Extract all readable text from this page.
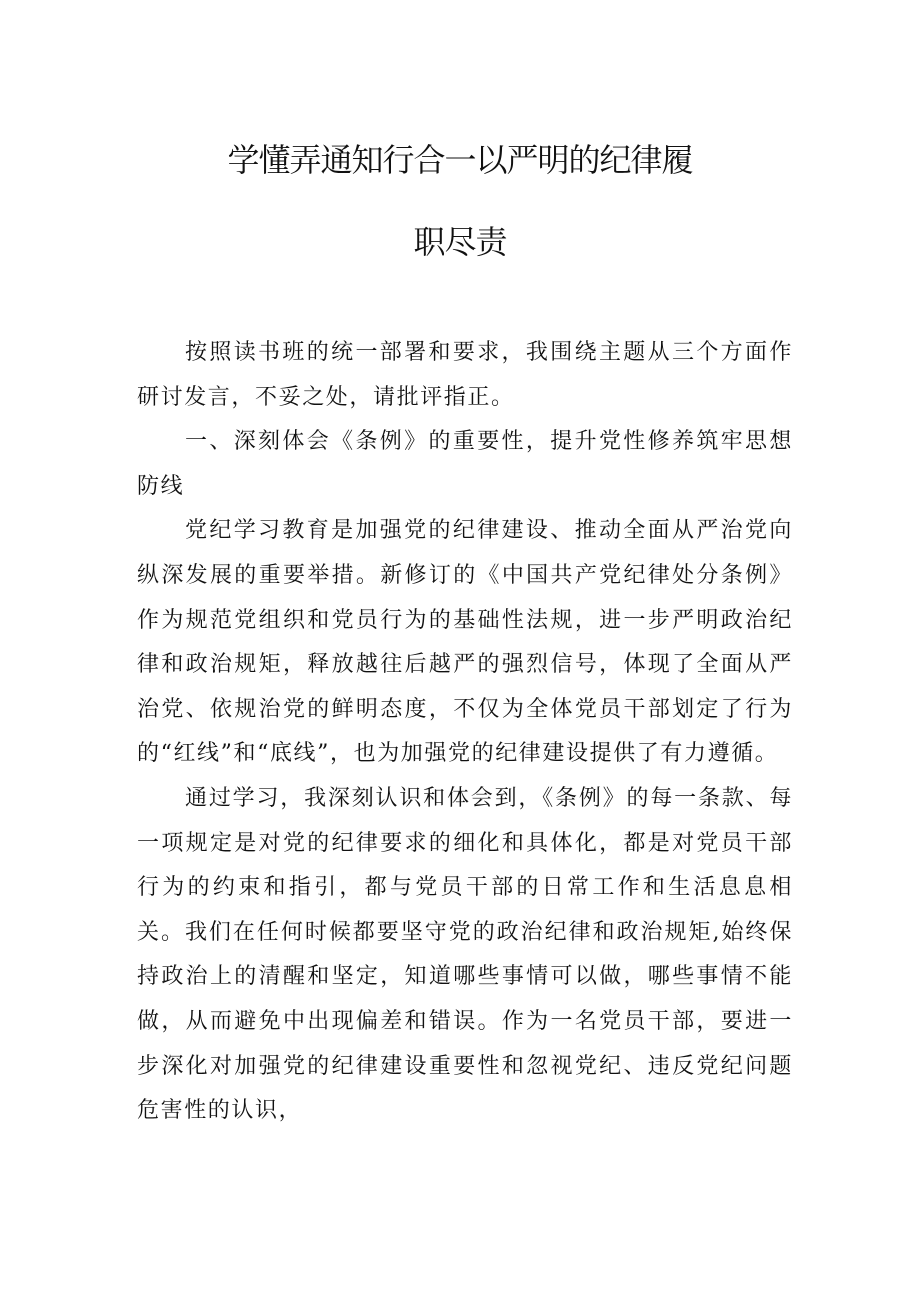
学懂弄通知行合一以严明的纪律履
职尽责

按照读书班的统一部署和要求，我围绕主题从三个方面作研讨发言，不妥之处，请批评指正。

一、深刻体会《条例》的重要性，提升党性修养筑牢思想防线

党纪学习教育是加强党的纪律建设、推动全面从严治党向纵深发展的重要举措。新修订的《中国共产党纪律处分条例》作为规范党组织和党员行为的基础性法规，进一步严明政治纪律和政治规矩，释放越往后越严的强烈信号，体现了全面从严治党、依规治党的鲜明态度，不仅为全体党员干部划定了行为的“红线”和“底线”，也为加强党的纪律建设提供了有力遵循。

通过学习，我深刻认识和体会到，《条例》的每一条款、每一项规定是对党的纪律要求的细化和具体化，都是对党员干部行为的约束和指引，都与党员干部的日常工作和生活息息相关。我们在任何时候都要坚守党的政治纪律和政治规矩,始终保持政治上的清醒和坚定，知道哪些事情可以做，哪些事情不能做，从而避免中出现偏差和错误。作为一名党员干部，要进一步深化对加强党的纪律建设重要性和忽视党纪、违反党纪问题危害性的认识，
